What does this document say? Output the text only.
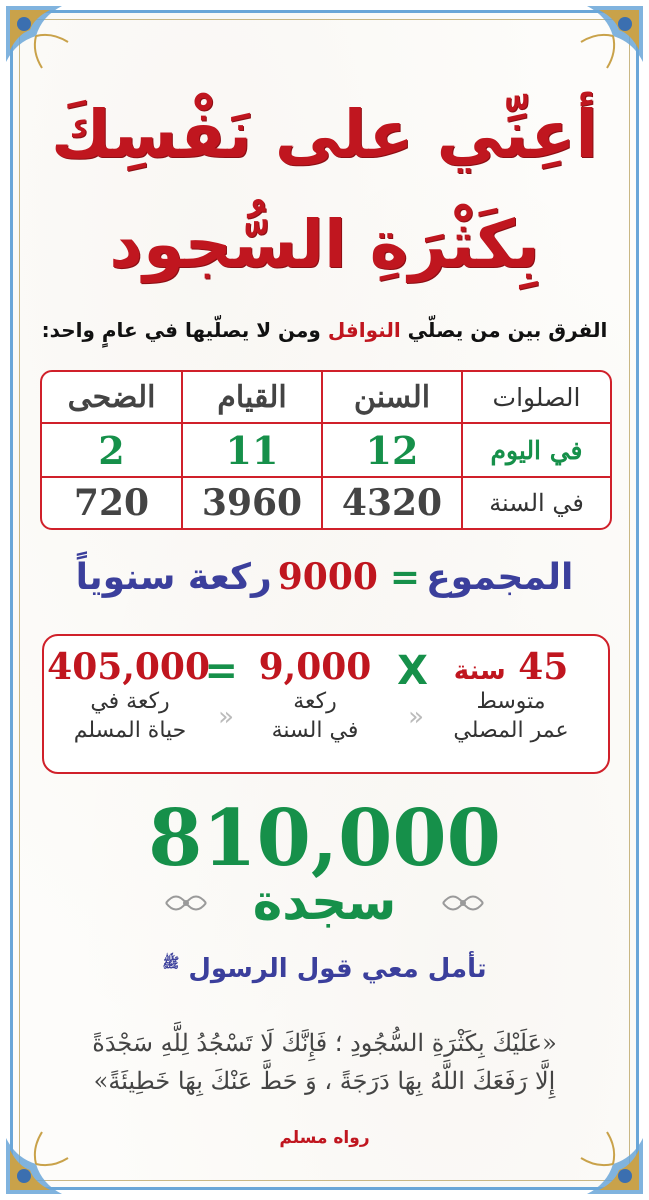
أعِنِّي على نَفْسِكَ
بِكَثْرَةِ السُّجود
الفرق بين من يصلّي النوافل ومن لا يصلّيها في عامٍ واحد:
الصلوات	السنن	القيام	الضحى
في اليوم	12	11	2
في السنة	4320	3960	720
المجموع=9000ركعة سنوياً
45 سنة
متوسط
عمر المصلي
X
«
9,000
ركعة
في السنة
=
«
405,000
ركعة في
حياة المسلم
810,000
سجدة
تأمل معي قول الرسول $^ﷺ$
«عَلَيْكَ بِكَثْرَةِ السُّجُودِ ؛ فَإِنَّكَ لَا تَسْجُدُ لِلَّهِ سَجْدَةً
إِلَّا رَفَعَكَ اللَّهُ بِهَا دَرَجَةً ، وَ حَطَّ عَنْكَ بِهَا خَطِيئَةً»
رواه مسلم
